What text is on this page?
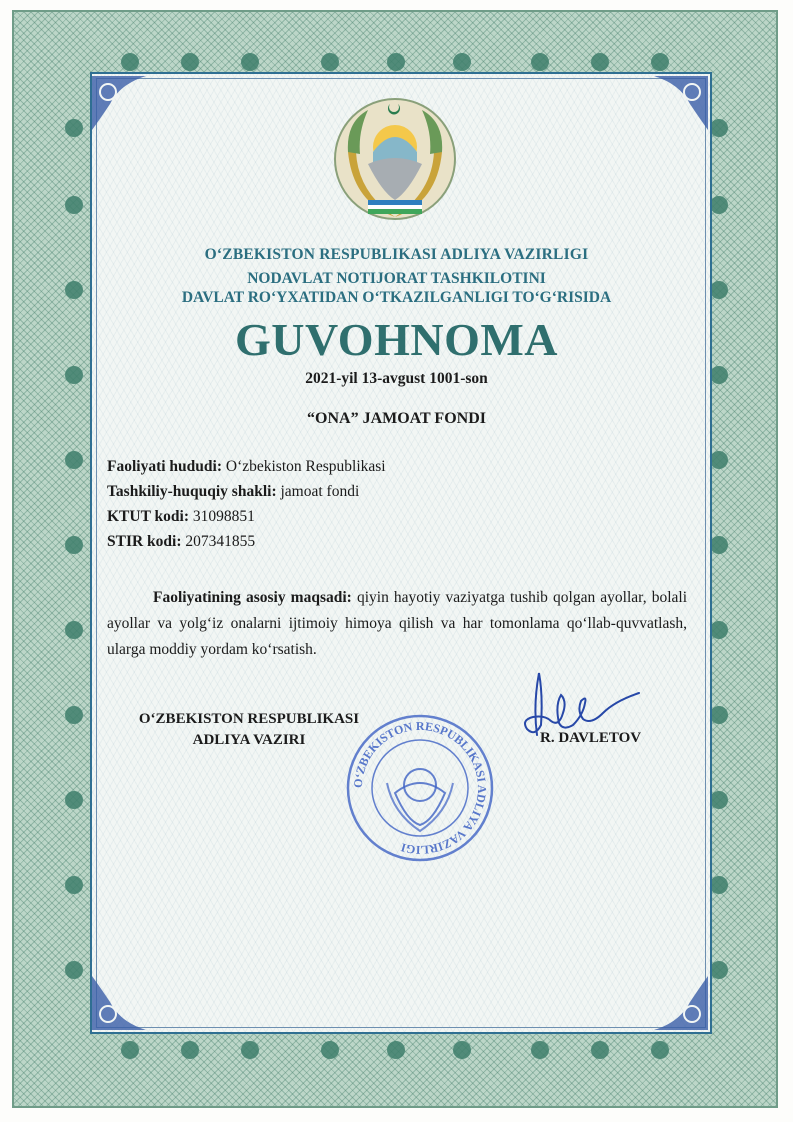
O‘ZBEKISTON RESPUBLIKASI ADLIYA VAZIRLIGI
NODAVLAT NOTIJORAT TASHKILOTINI
DAVLAT RO‘YXATIDAN O‘TKAZILGANLIGI TO‘G‘RISIDA
GUVOHNOMA
2021-yil 13-avgust 1001-son
“ONA” JAMOAT FONDI
Faoliyati hududi: O‘zbekiston Respublikasi
Tashkiliy-huquqiy shakli: jamoat fondi
KTUT kodi: 31098851
STIR kodi: 207341855
Faoliyatining asosiy maqsadi: qiyin hayotiy vaziyatga tushib qolgan ayollar, bolali ayollar va yolg‘iz onalarni ijtimoiy himoya qilish va har tomonlama qo‘llab-quvvatlash, ularga moddiy yordam ko‘rsatish.
O‘ZBEKISTON RESPUBLIKASI
ADLIYA VAZIRI
O‘ZBEKISTON RESPUBLIKASI ADLIYA VAZIRLIGI
R. DAVLETOV
